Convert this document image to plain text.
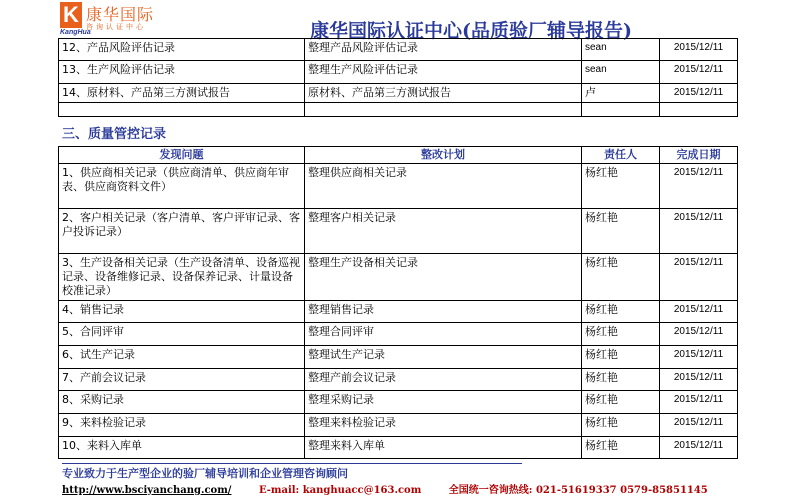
K 康华国际
咨询认证中心
KangHua	康华国际认证中心(品质验厂辅导报告)
12、产品风险评估记录	整理产品风险评估记录	sean	2015/12/11
13、生产风险评估记录	整理生产风险评估记录	sean	2015/12/11
14、原材料、产品第三方测试报告	原材料、产品第三方测试报告	卢	2015/12/11

三、质量管控记录
发现问题	整改计划	责任人	完成日期
1、供应商相关记录（供应商清单、供应商年审表、供应商资料文件）	整理供应商相关记录	杨红艳	2015/12/11
2、客户相关记录（客户清单、客户评审记录、客户投诉记录）	整理客户相关记录	杨红艳	2015/12/11
3、生产设备相关记录（生产设备清单、设备巡视记录、设备维修记录、设备保养记录、计量设备校准记录）	整理生产设备相关记录	杨红艳	2015/12/11
4、销售记录	整理销售记录	杨红艳	2015/12/11
5、合同评审	整理合同评审	杨红艳	2015/12/11
6、试生产记录	整理试生产记录	杨红艳	2015/12/11
7、产前会议记录	整理产前会议记录	杨红艳	2015/12/11
8、采购记录	整理采购记录	杨红艳	2015/12/11
9、来料检验记录	整理来料检验记录	杨红艳	2015/12/11
10、来料入库单	整理来料入库单	杨红艳	2015/12/11
专业致力于生产型企业的验厂辅导培训和企业管理咨询顾问
http://www.bsciyanchang.com/	E-mail: kanghuacc@163.com	全国统一咨询热线: 021-51619337 0579-85851145
